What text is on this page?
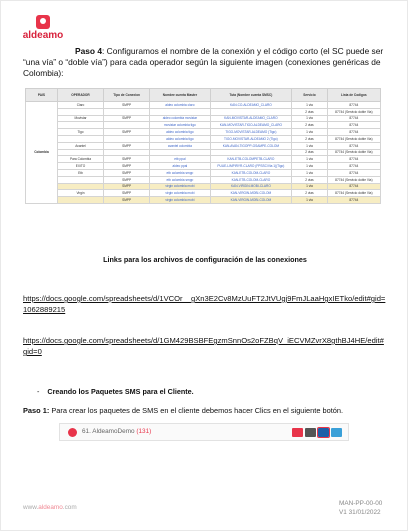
aldeamo
Paso 4: Configuramos el nombre de la conexión y el código corto (el SC puede ser “una vía” o “doble vía”) para cada operador según la siguiente imagen (conexiones genéricas de Colombia):
PAIS	OPERADOR	Tipo de Conexion	Nombre cuenta Master	Tuta (Nombre cuenta SMSC)	Servicio	Lista de Codigos
Colombia	Claro	SMPP	aldeo colombia claro	KAN-CO-ALDEAMO_CLARO	1 via	87744
					2 vias	87744 (Servicio doble Via)
	Movistar	SMPP	aldeo colombia movistar	KAN-MOVISTAR-ALDEAMO_CLARO	1 via	87744
			movistar colombia tigo	KAN-MOVISTAR-TIGO-ALDEAMO_CLARO	2 vias	87744
	Tigo	SMPP	aldeo colombia tigo	TIGO-MOVISTAR-ALDEAMO (Tigo)	1 via	87744
			aldeo colombia tigo	TIGO-MOVISTAR-ALDEAMO 2 (Tigo)	2 vias	87744 (Servicio doble Via)
	Avantel	SMPP	avantel colombia	KAN-AVAN-TIGOPP-GSAMPE-COLOM	1 via	87744
					2 vias	87744 (Servicio doble Via)
	Para Colombia	SMPP	etb ppal	KAN-ETB-COLOMPETB-CLARO	1 via	87744
	EXITO	SMPP	aldeo ppal	PUUE-LIMPIRYR-CLARO (FPSSC/Via 1)(Tigo)	1 via	87744
	Etb	SMPP	etb colombia smpp	KAN-ETB-COLOM-CLARO	1 via	87744
		SMPP	etb colombia smpp	KAN-ETB-COLOM-CLARO	2 vias	87744 (Servicio doble Via)
		SMPP	virgin colombia mobi	KAN-VIRGIN-MOBI-CLARO	1 via	87744
	Virgin	SMPP	virgin colombia mobi	KAN-VIRGIN-MOBI-COLOM	2 vias	87744 (Servicio doble Via)
		SMPP	virgin colombia mobi	KAN-VIRGIN-MOBI-COLOM	1 via	87744
Links para los archivos de configuración de las conexiones
https://docs.google.com/spreadsheets/d/1VCOr__gXn3E2Cv8MzUuFT2JtVUgj9FmJLaaHgxIETko/edit#gid=1062889215
https://docs.google.com/spreadsheets/d/1GM429BSBFEgzmSnnOs2oFZBqV_iECVMZvrX8gthBJ4HE/edit#gid=0
- Creando los Paquetes SMS para el Cliente.
Paso 1: Para crear los paquetes de SMS en el cliente debemos hacer Clics en el siguiente botón.
61. AldeamoDemo (131)
www.aldeamo.com
MAN-PP-00-00
V1 31/01/2022
